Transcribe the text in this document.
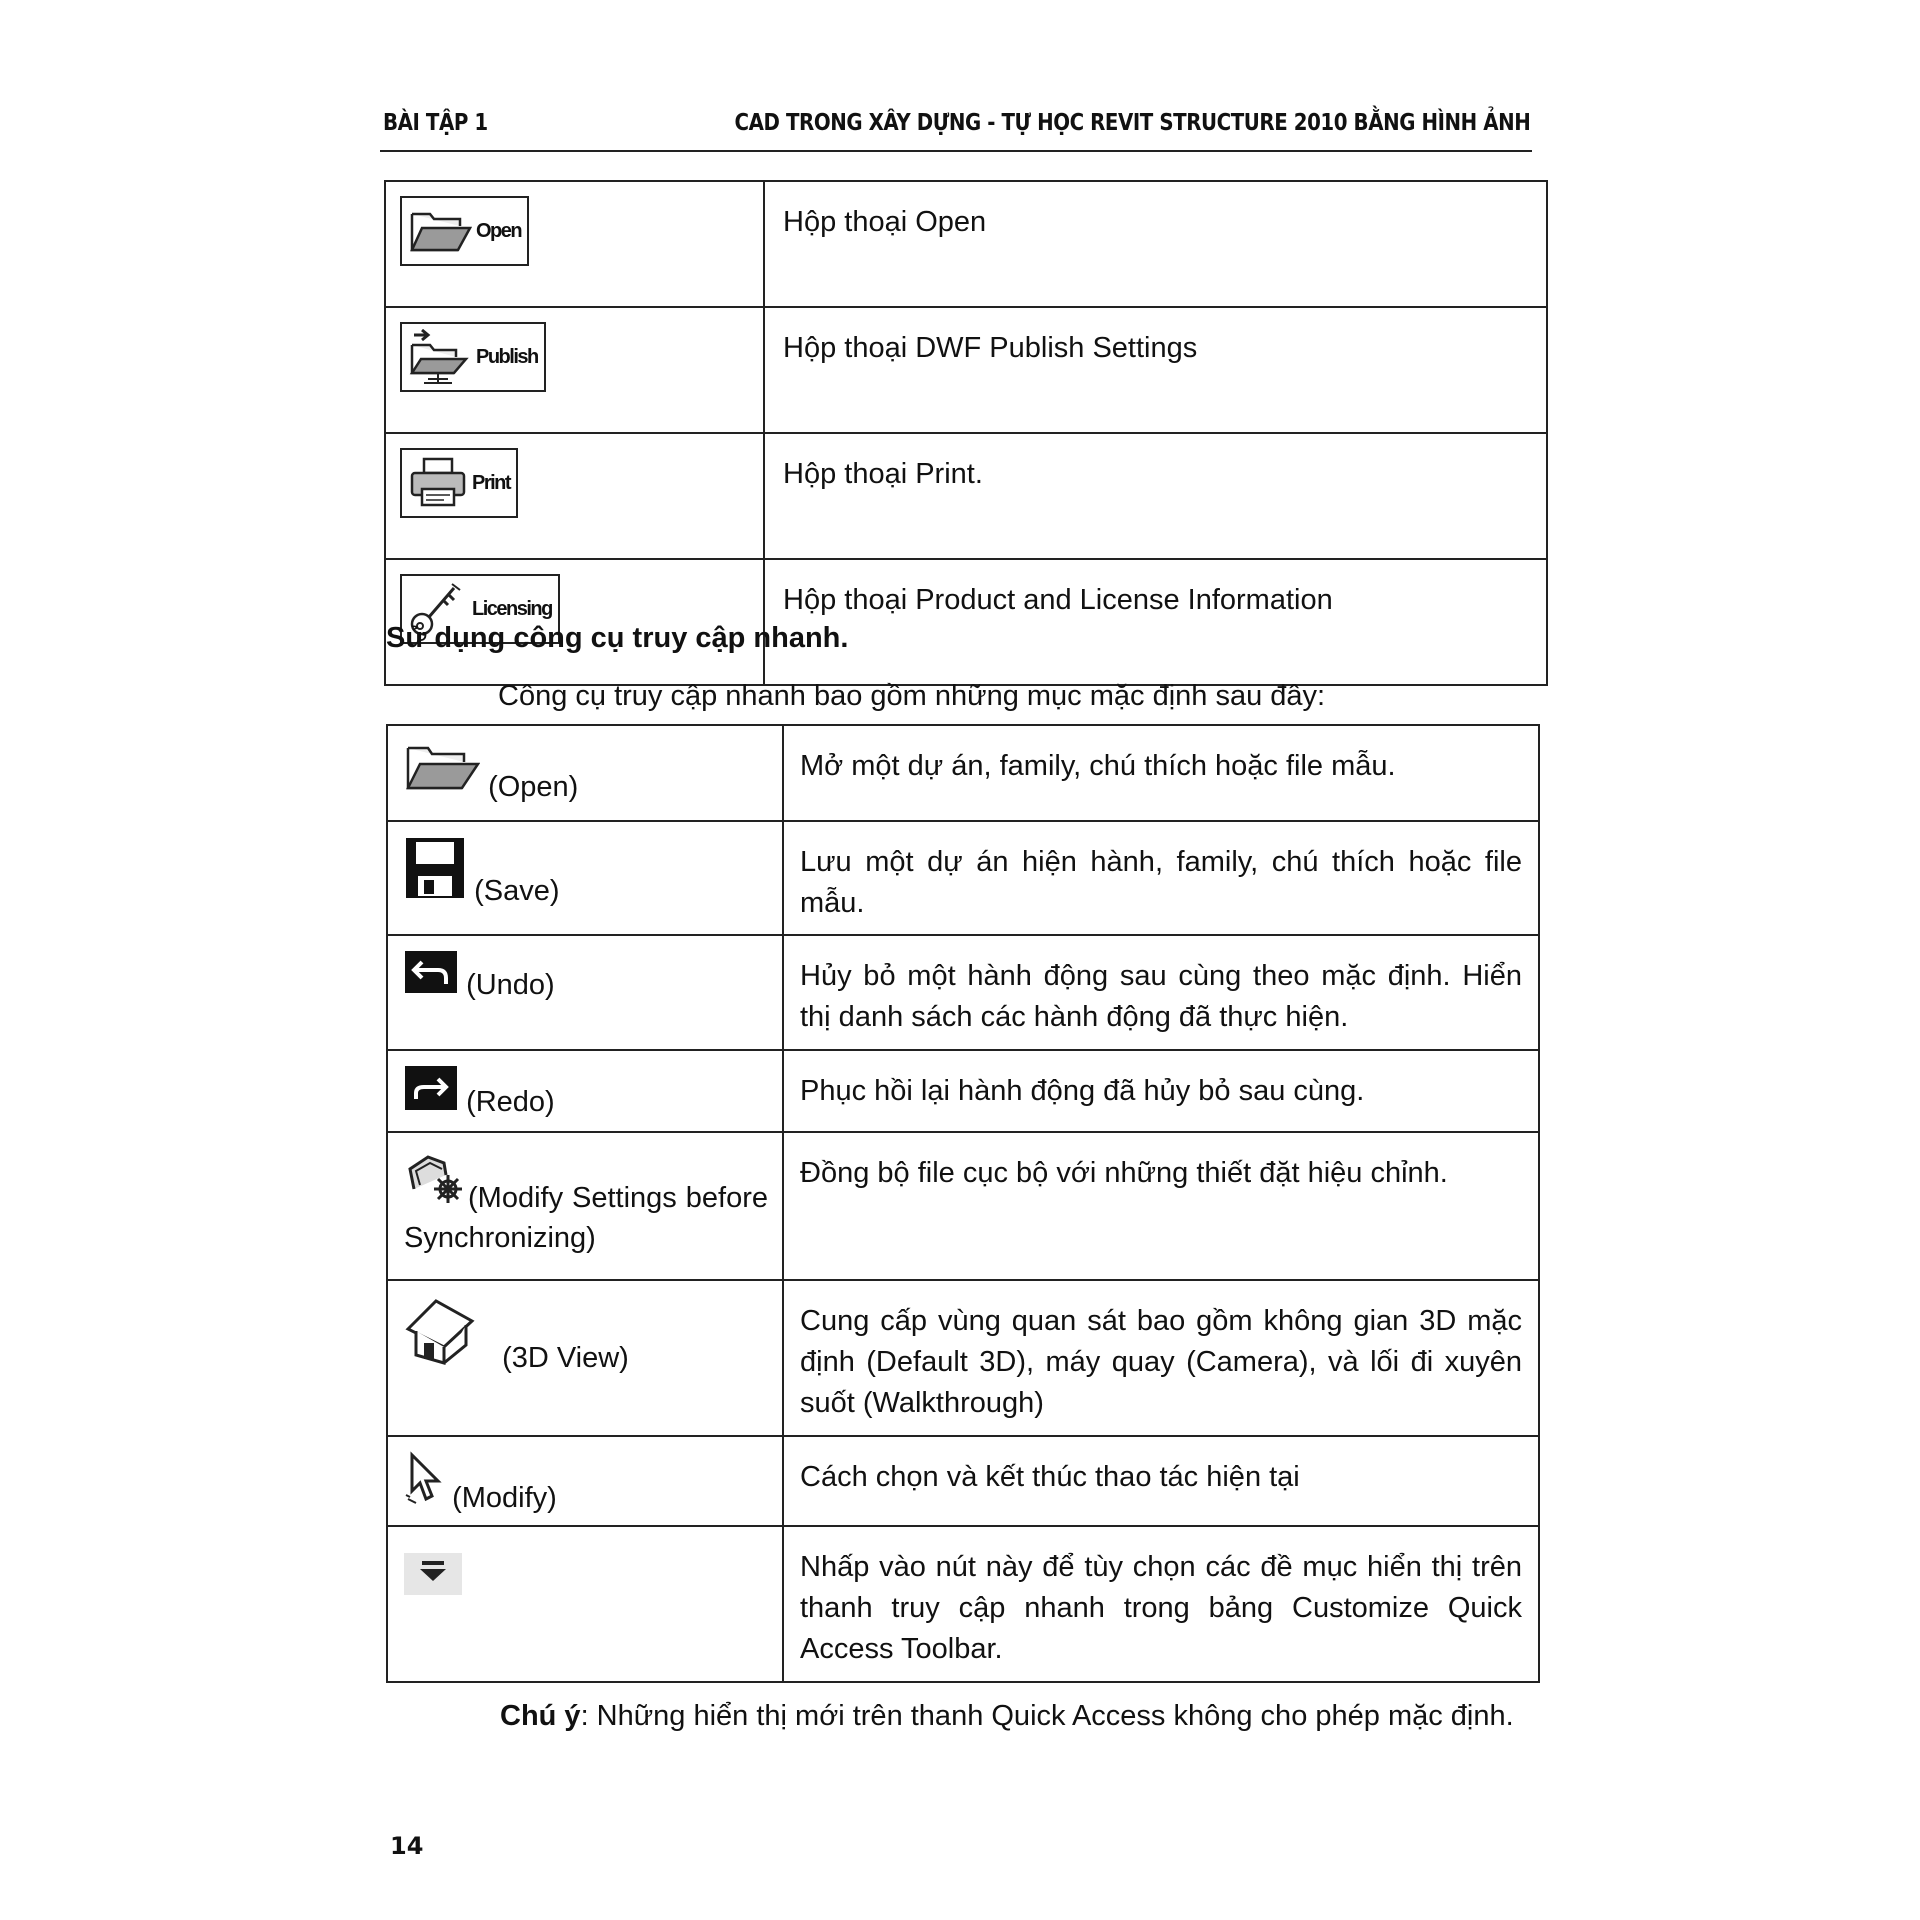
BÀI TẬP 1	CAD TRONG XÂY DỰNG - TỰ HỌC REVIT STRUCTURE 2010 BẰNG HÌNH ẢNH
Open	Hộp thoại Open

Publish	Hộp thoại DWF Publish Settings

Print	Hộp thoại Print.

Licensing	Hộp thoại Product and License Information
Sử dụng công cụ truy cập nhanh.
Công cụ truy cập nhanh bao gồm những mục mặc định sau đây:
(Open)	Mở một dự án, family, chú thích hoặc file mẫu.
(Save)	Lưu một dự án hiện hành, family, chú thích hoặc file mẫu.
(Undo)	Hủy bỏ một hành động sau cùng theo mặc định. Hiển thị danh sách các hành động đã thực hiện.
(Redo)	Phục hồi lại hành động đã hủy bỏ sau cùng.
(Modify Settings before Synchronizing)	Đồng bộ file cục bộ với những thiết đặt hiệu chỉnh.
(3D View)	Cung cấp vùng quan sát bao gồm không gian 3D mặc định (Default 3D), máy quay (Camera), và lối đi xuyên suốt (Walkthrough)
(Modify)	Cách chọn và kết thúc thao tác hiện tại
	Nhấp vào nút này để tùy chọn các đề mục hiển thị trên thanh truy cập nhanh trong bảng Customize Quick Access Toolbar.
Chú ý: Những hiển thị mới trên thanh Quick Access không cho phép mặc định.
14
